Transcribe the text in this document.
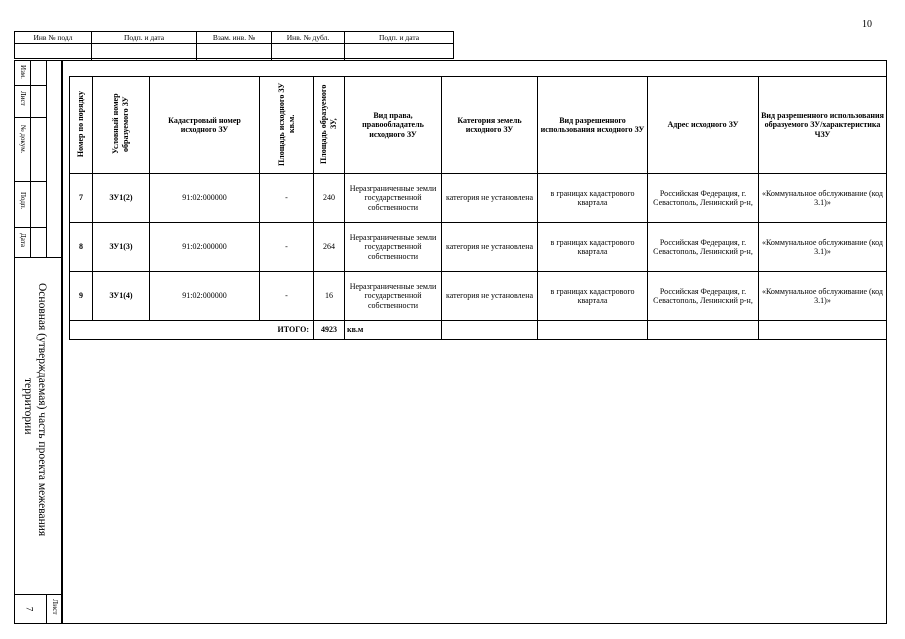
10
Инв № подл	Подп. и дата	Взам. инв. №	Инв. № дубл.	Подп. и дата
Изм.
Лист
№ докум.
Подп.
Дата
Лист
7
Основная (утверждаемая) часть проекта межевания
территории
Номер по порядку	Условный номер образуемого ЗУ	Кадастровый номер исходного ЗУ	Площадь исходного ЗУ кв.м.	Площадь образуемого ЗУ,	Вид права, правообладатель исходного ЗУ	Категория земель исходного ЗУ	Вид разрешенного использования исходного ЗУ	Адрес исходного ЗУ	Вид разрешенного использования образуемого ЗУ/характеристика ЧЗУ
7	ЗУ1(2)	91:02:000000	-	240	Неразграниченные земли государственной собственности	категория не установлена	в границах кадастрового квартала	Российская Федерация, г. Севастополь, Ленинский р-н,	«Коммунальное обслуживание (код 3.1)»
8	ЗУ1(3)	91:02:000000	-	264	Неразграниченные земли государственной собственности	категория не установлена	в границах кадастрового квартала	Российская Федерация, г. Севастополь, Ленинский р-н,	«Коммунальное обслуживание (код 3.1)»
9	ЗУ1(4)	91:02:000000	-	16	Неразграниченные земли государственной собственности	категория не установлена	в границах кадастрового квартала	Российская Федерация, г. Севастополь, Ленинский р-н,	«Коммунальное обслуживание (код 3.1)»
ИТОГО:				4923	кв.м				
